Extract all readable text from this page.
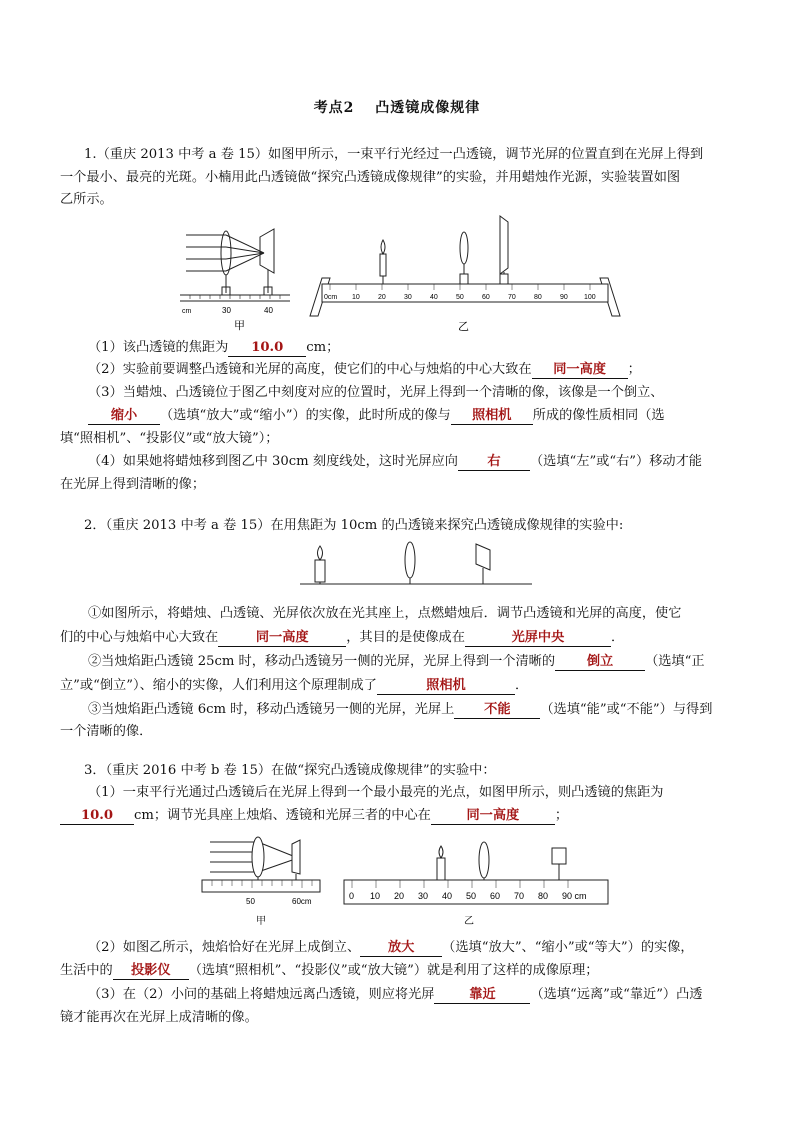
考点2　 凸透镜成像规律
1.（重庆 2013 中考 a 卷 15）如图甲所示，一束平行光经过一凸透镜，调节光屏的位置直到在光屏上得到
一个最小、最亮的光斑。小楠用此凸透镜做“探究凸透镜成像规律”的实验，并用蜡烛作光源，实验装置如图
乙所示。
cm	30	40
甲
0cm 10	20	30	40	50	60	70	80	90 100
乙
（1）该凸透镜的焦距为 10.0 cm；
（2）实验前要调整凸透镜和光屏的高度，使它们的中心与烛焰的中心大致在 同一高度 ；
（3）当蜡烛、凸透镜位于图乙中刻度对应的位置时，光屏上得到一个清晰的像，该像是一个倒立、
缩小 （选填“放大”或“缩小”）的实像，此时所成的像与 照相机 所成的像性质相同（选
填“照相机”、“投影仪”或“放大镜”）；
（4）如果她将蜡烛移到图乙中 30cm 刻度线处，这时光屏应向 右 （选填“左”或“右”）移动才能
在光屏上得到清晰的像；
2．（重庆 2013 中考 a 卷 15）在用焦距为 10cm 的凸透镜来探究凸透镜成像规律的实验中:
①如图所示，将蜡烛、凸透镜、光屏依次放在光其座上，点燃蜡烛后．调节凸透镜和光屏的高度，使它
们的中心与烛焰中心大致在	同一高度	，其目的是使像成在	光屏中央	．
②当烛焰距凸透镜 25cm 时，移动凸透镜另一侧的光屏，光屏上得到一个清晰的 倒立 （选填“正
立”或“倒立”）、缩小的实像，人们利用这个原理制成了	照相机	．
③当烛焰距凸透镜 6cm 时，移动凸透镜另一侧的光屏，光屏上 不能 （选填“能”或“不能”）与得到
一个清晰的像．
3．（重庆 2016 中考 b 卷 15）在做“探究凸透镜成像规律”的实验中：
（1）一束平行光通过凸透镜后在光屏上得到一个最小最亮的光点，如图甲所示，则凸透镜的焦距为
10.0 cm；调节光具座上烛焰、透镜和光屏三者的中心在	同一高度	；
50	60cm
甲
0 10 20 30 40 50 60 70 80 90 cm
乙
（2）如图乙所示，烛焰恰好在光屏上成倒立、 放大 （选填“放大”、“缩小”或“等大”）的实像，
生活中的 投影仪 （选填“照相机”、“投影仪”或“放大镜”）就是利用了这样的成像原理；
（3）在（2）小问的基础上将蜡烛远离凸透镜，则应将光屏	靠近	（选填“远离”或“靠近”）凸透
镜才能再次在光屏上成清晰的像。
